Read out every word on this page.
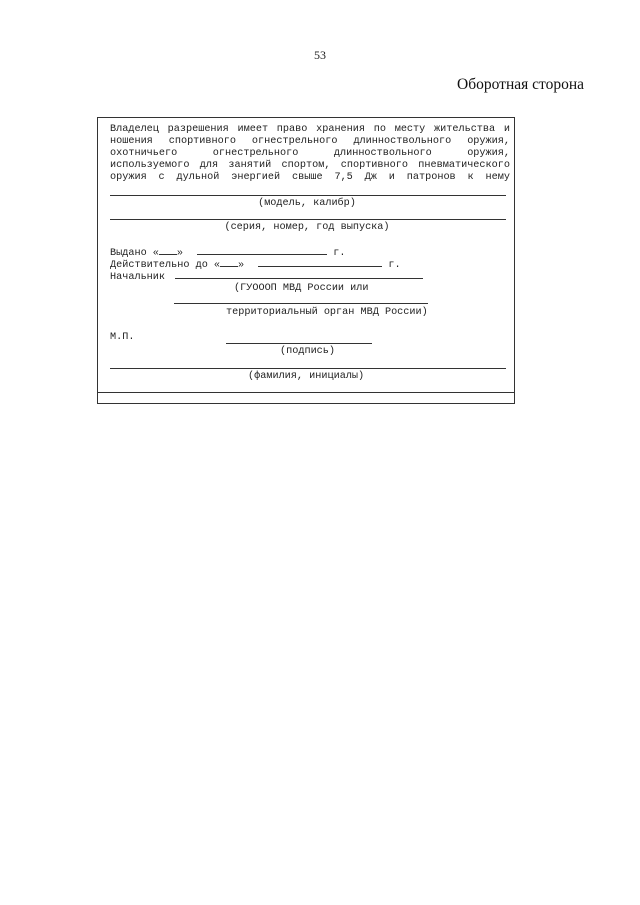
53
Оборотная сторона
Владелец разрешения имеет право хранения по месту жительства и
ношения спортивного огнестрельного длинноствольного оружия,
охотничьего огнестрельного длинноствольного оружия,
используемого для занятий спортом, спортивного пневматического
оружия с дульной энергией свыше 7,5 Дж и патронов к нему
(модель, калибр)
(серия, номер, год выпуска)
Выдано « »	г.
Действительно до « »	г.
Начальник
(ГУОООП МВД России или
территориальный орган МВД России)
М.П.
(подпись)
(фамилия, инициалы)
